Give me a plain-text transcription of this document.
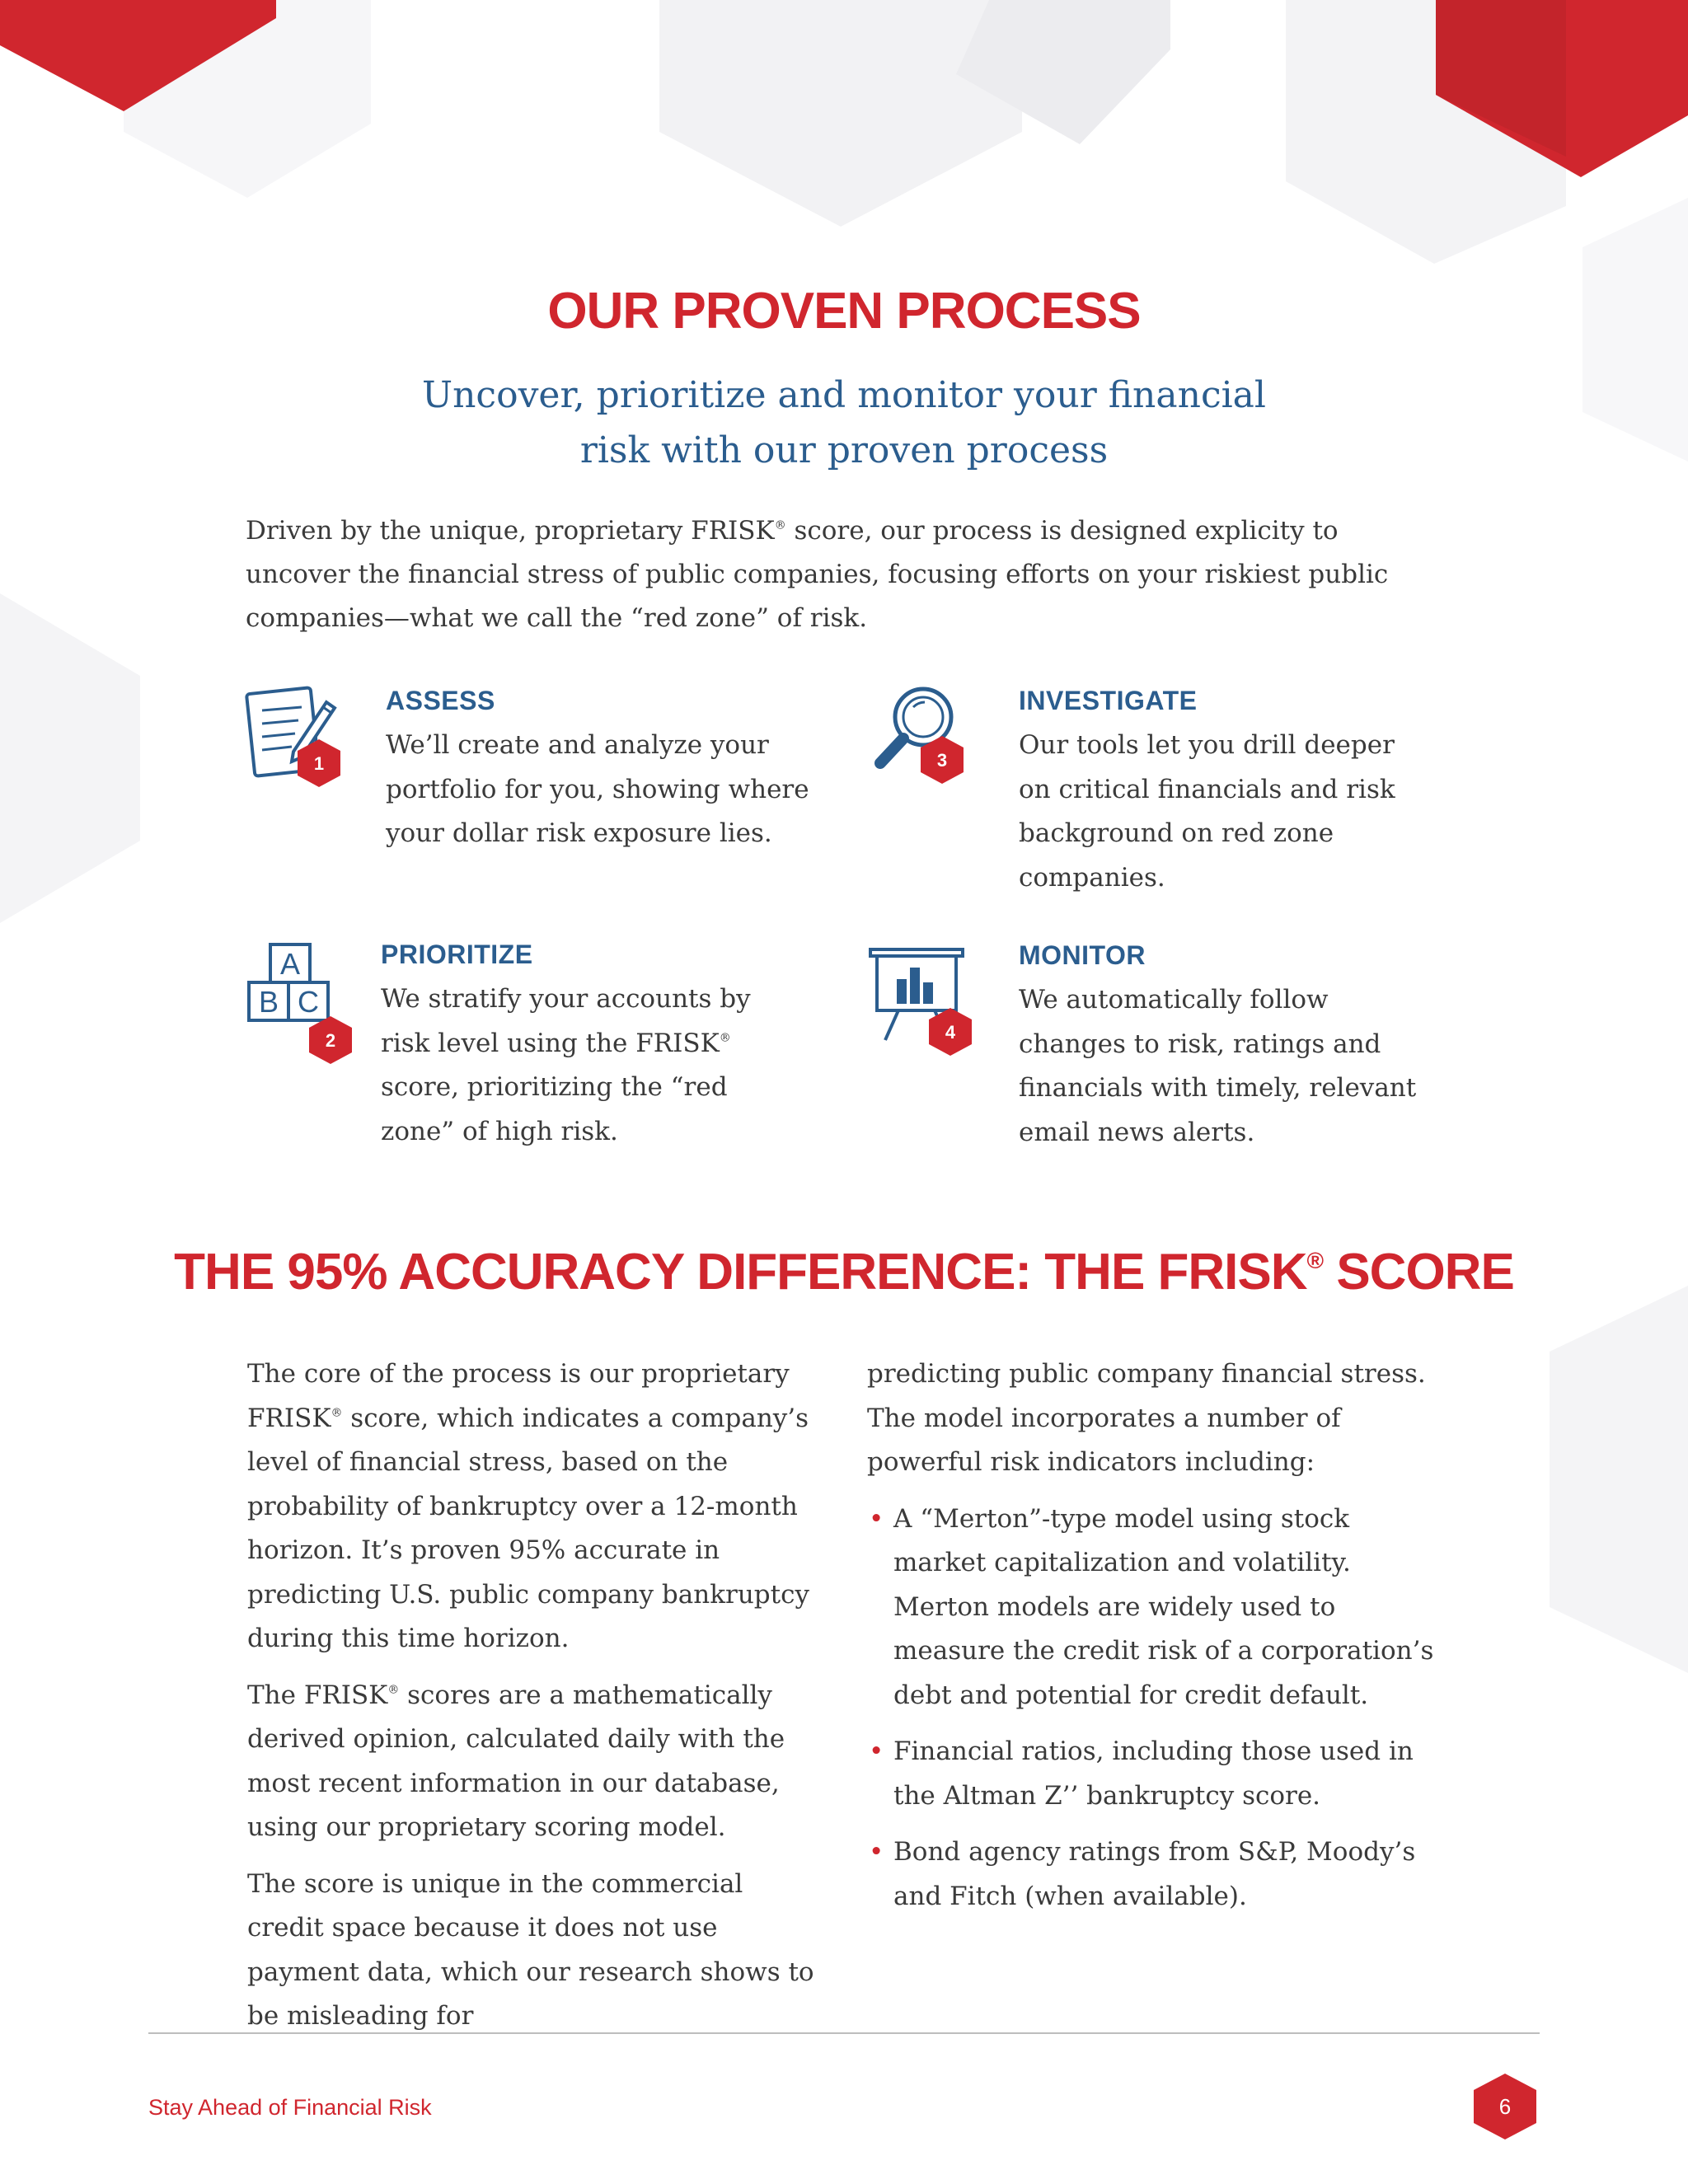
OUR PROVEN PROCESS
Uncover, prioritize and monitor your financial
risk with our proven process
Driven by the unique, proprietary FRISK® score, our process is designed explicity to uncover the financial stress of public companies, focusing efforts on your riskiest public companies—what we call the “red zone” of risk.
1
ASSESS
We’ll create and analyze your portfolio for you, showing where your dollar risk exposure lies.
3
INVESTIGATE
Our tools let you drill deeper on critical financials and risk background on red zone companies.
A
B C
2
PRIORITIZE
We stratify your accounts by risk level using the FRISK® score, prioritizing the “red zone” of high risk.
4
MONITOR
We automatically follow changes to risk, ratings and financials with timely, relevant email news alerts.
THE 95% ACCURACY DIFFERENCE: THE FRISK® SCORE

The core of the process is our proprietary FRISK® score, which indicates a company’s level of financial stress, based on the probability of bankruptcy over a 12-month horizon. It’s proven 95% accurate in predicting U.S. public company bankruptcy during this time horizon.

The FRISK® scores are a mathematically derived opinion, calculated daily with the most recent information in our database, using our proprietary scoring model.

The score is unique in the commercial credit space because it does not use payment data, which our research shows to be misleading for

predicting public company financial stress.

The model incorporates a number of powerful risk indicators including:

• A “Merton”-type model using stock market capitalization and volatility. Merton models are widely used to measure the credit risk of a corporation’s debt and potential for credit default.
• Financial ratios, including those used in the Altman Z’’ bankruptcy score.
• Bond agency ratings from S&P, Moody’s and Fitch (when available).
Stay Ahead of Financial Risk	6
